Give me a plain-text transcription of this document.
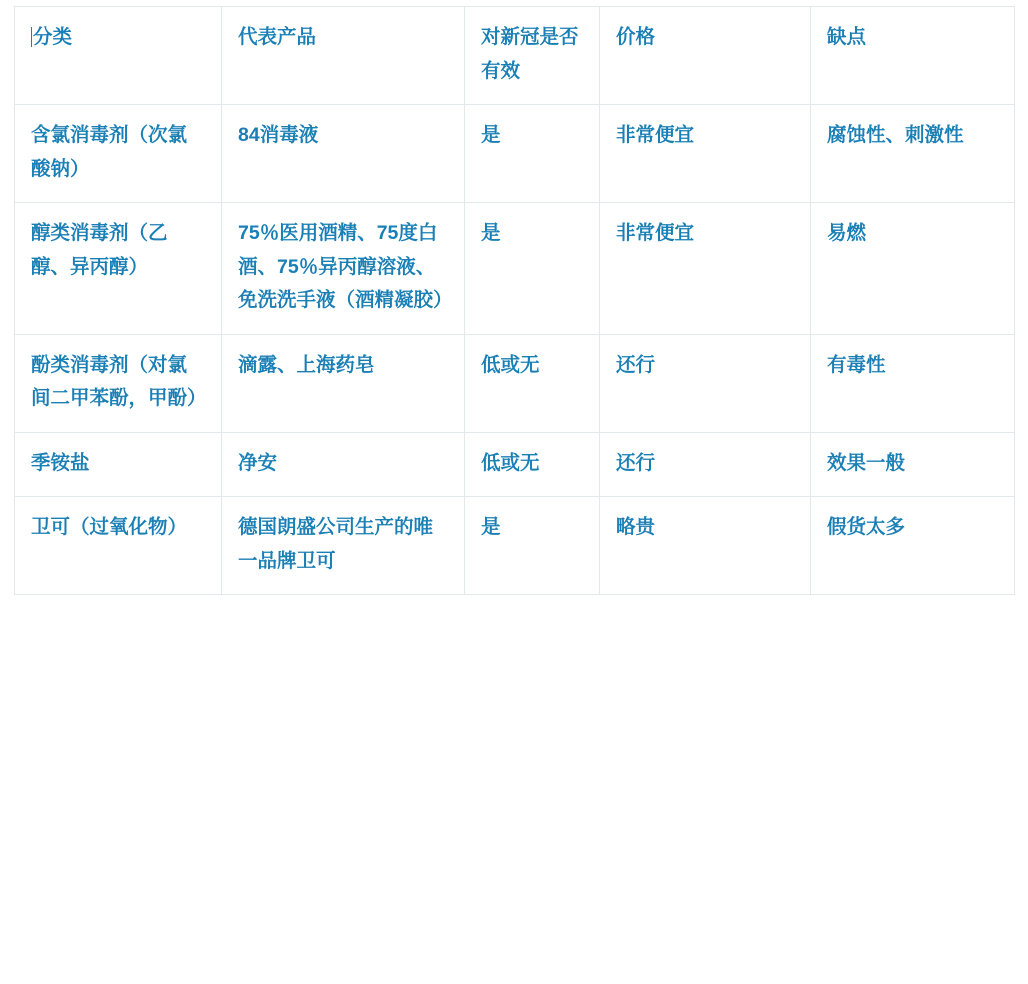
分类	代表产品	对新冠是否有效	价格	缺点
含氯消毒剂（次氯酸钠）	84消毒液	是	非常便宜	腐蚀性、刺激性
醇类消毒剂（乙醇、异丙醇）	75％医用酒精、75度白酒、75％异丙醇溶液、免洗洗手液（酒精凝胶）	是	非常便宜	易燃
酚类消毒剂（对氯间二甲苯酚，甲酚）	滴露、上海药皂	低或无	还行	有毒性
季铵盐	净安	低或无	还行	效果一般
卫可（过氧化物）	德国朗盛公司生产的唯一品牌卫可	是	略贵	假货太多
